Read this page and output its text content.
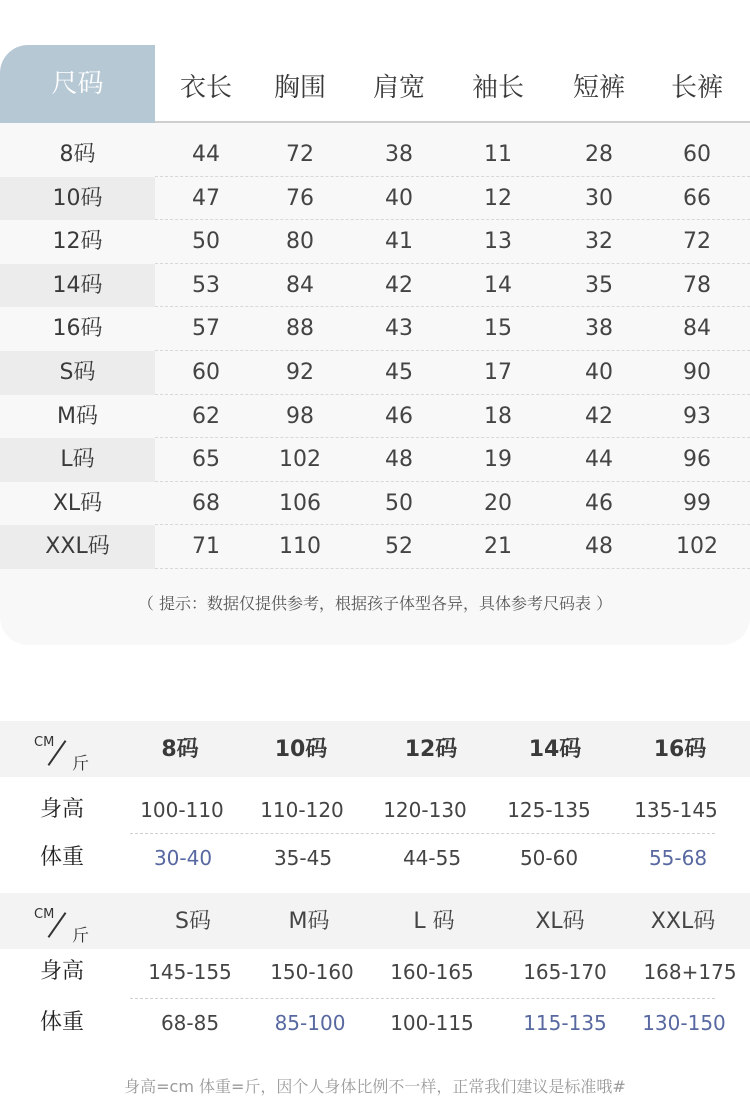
尺码	衣长 胸围 肩宽 袖长 短裤 长裤
8码	44	72	38	11	28	60
10码	47	76	40	12	30	66
12码	50	80	41	13	32	72
14码	53	84	42	14	35	78
16码	57	88	43	15	38	84
S码	60	92	45	17	40	90
M码	62	98	46	18	42	93
L码	65	102	48	19	44	96
XL码	68	106	50	20	46	99
XXL码	71	110	52	21	48	102
（ 提示：数据仅提供参考，根据孩子体型各异，具体参考尺码表 ）
CM
斤
8码	10码	12码	14码	16码
身高	100-110 110-120 120-130 125-135 135-145
体重	30-40	35-45	44-55	50-60	55-68
CM
斤
S码	M码	L 码	XL码	XXL码
身高	145-155 150-160 160-165 165-170 168+175
体重	68-85	85-100 100-115 115-135 130-150
身高=cm 体重=斤，因个人身体比例不一样，正常我们建议是标准哦#
